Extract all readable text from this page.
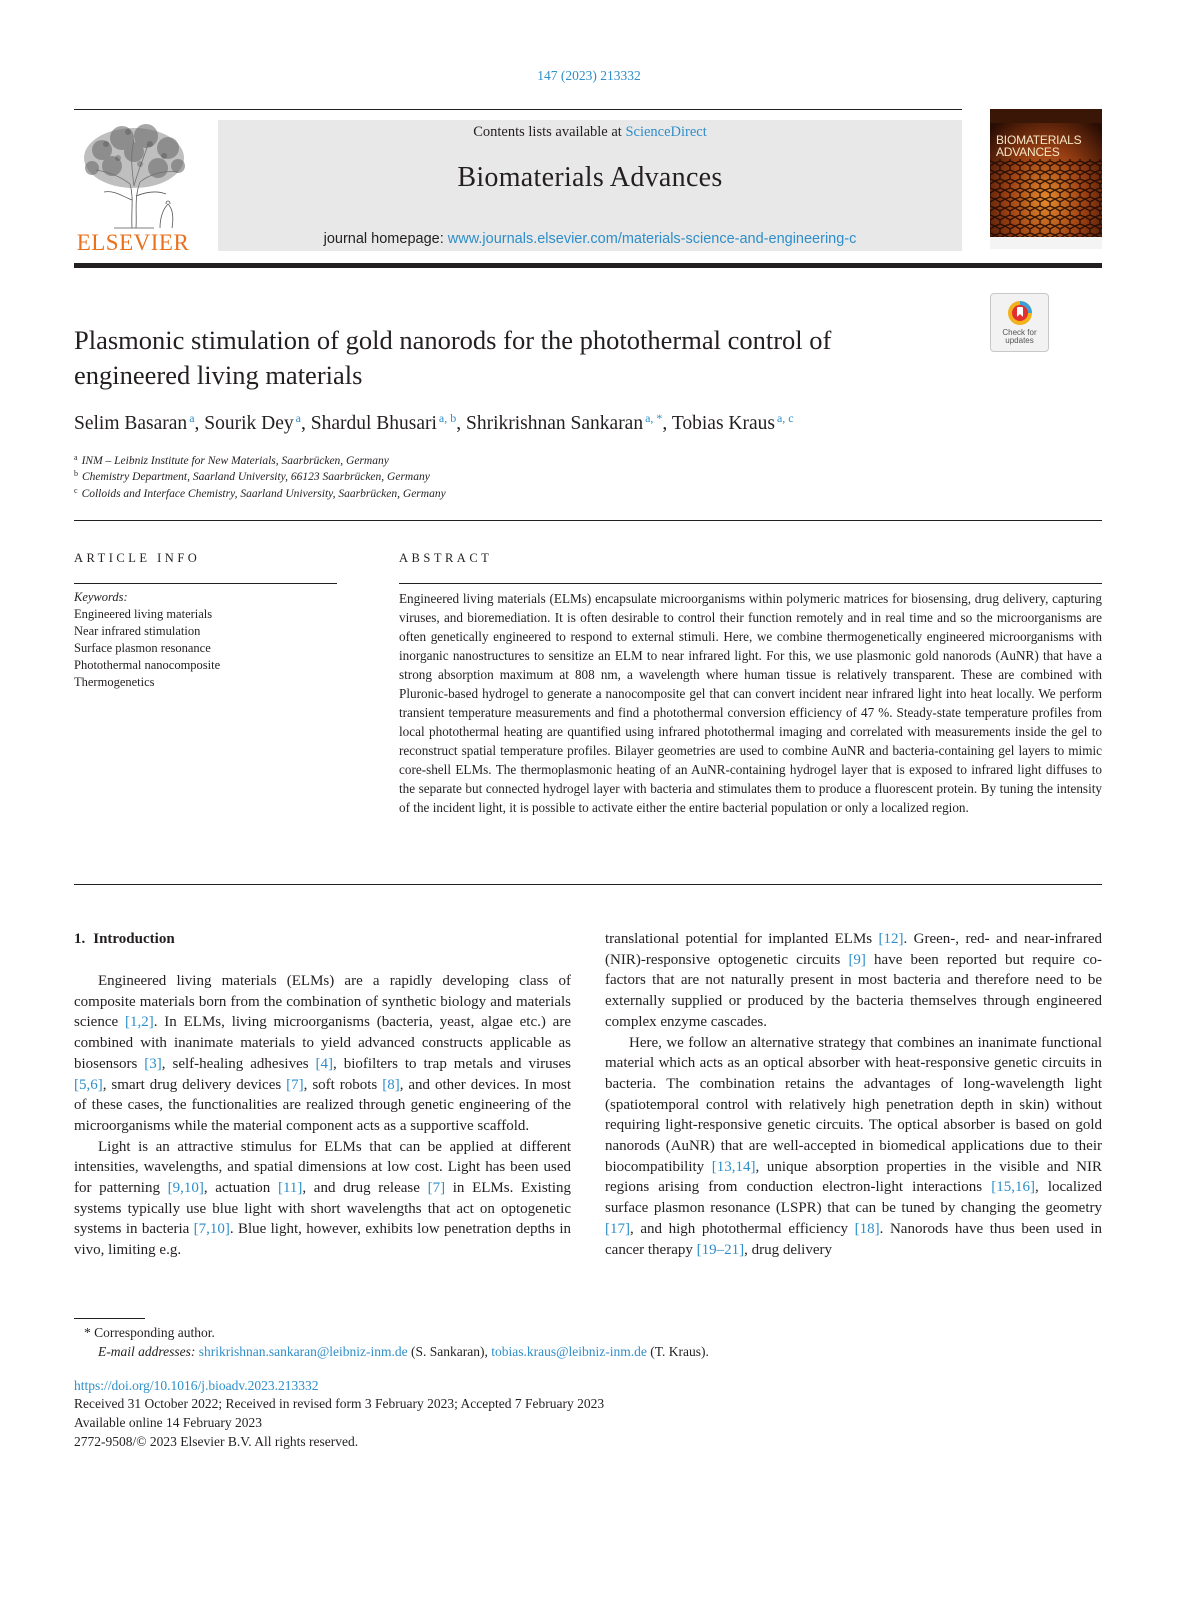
147 (2023) 213332
ELSEVIER
Contents lists available at ScienceDirect
Biomaterials Advances
journal homepage: www.journals.elsevier.com/materials-science-and-engineering-c
BIOMATERIALS ADVANCES
Plasmonic stimulation of gold nanorods for the photothermal control of engineered living materials
Check for updates
Selim Basaran $^a$, Sourik Dey $^a$, Shardul Bhusari $^{a, b}$, Shrikrishnan Sankaran $^{a, *}$, Tobias Kraus $^{a, c}$
$^a$ INM – Leibniz Institute for New Materials, Saarbrücken, Germany
$^b$ Chemistry Department, Saarland University, 66123 Saarbrücken, Germany
$^c$ Colloids and Interface Chemistry, Saarland University, Saarbrücken, Germany
ARTICLE INFO	ABSTRACT
Keywords:
Engineered living materials
Near infrared stimulation
Surface plasmon resonance
Photothermal nanocomposite
Thermogenetics
Engineered living materials (ELMs) encapsulate microorganisms within polymeric matrices for biosensing, drug delivery, capturing viruses, and bioremediation. It is often desirable to control their function remotely and in real time and so the microorganisms are often genetically engineered to respond to external stimuli. Here, we combine thermogenetically engineered microorganisms with inorganic nanostructures to sensitize an ELM to near infrared light. For this, we use plasmonic gold nanorods (AuNR) that have a strong absorption maximum at 808 nm, a wavelength where human tissue is relatively transparent. These are combined with Pluronic-based hydrogel to generate a nanocomposite gel that can convert incident near infrared light into heat locally. We perform transient temperature measurements and find a photothermal conversion efficiency of 47 %. Steady-state temperature profiles from local photothermal heating are quantified using infrared photothermal imaging and correlated with measurements inside the gel to reconstruct spatial temperature profiles. Bilayer geometries are used to combine AuNR and bacteria-containing gel layers to mimic core-shell ELMs. The thermoplasmonic heating of an AuNR-containing hydrogel layer that is exposed to infrared light diffuses to the separate but connected hydrogel layer with bacteria and stimulates them to produce a fluorescent protein. By tuning the intensity of the incident light, it is possible to activate either the entire bacterial population or only a localized region.
1. Introduction

Engineered living materials (ELMs) are a rapidly developing class of composite materials born from the combination of synthetic biology and materials science [1,2]. In ELMs, living microorganisms (bacteria, yeast, algae etc.) are combined with inanimate materials to yield advanced constructs applicable as biosensors [3], self-healing adhesives [4], biofilters to trap metals and viruses [5,6], smart drug delivery devices [7], soft robots [8], and other devices. In most of these cases, the functionalities are realized through genetic engineering of the microorganisms while the material component acts as a supportive scaffold.

Light is an attractive stimulus for ELMs that can be applied at different intensities, wavelengths, and spatial dimensions at low cost. Light has been used for patterning [9,10], actuation [11], and drug release [7] in ELMs. Existing systems typically use blue light with short wavelengths that act on optogenetic systems in bacteria [7,10]. Blue light, however, exhibits low penetration depths in vivo, limiting e.g.

translational potential for implanted ELMs [12]. Green-, red- and near-infrared (NIR)-responsive optogenetic circuits [9] have been reported but require co-factors that are not naturally present in most bacteria and therefore need to be externally supplied or produced by the bacteria themselves through engineered complex enzyme cascades.

Here, we follow an alternative strategy that combines an inanimate functional material which acts as an optical absorber with heat-responsive genetic circuits in bacteria. The combination retains the advantages of long-wavelength light (spatiotemporal control with relatively high penetration depth in skin) without requiring light-responsive genetic circuits. The optical absorber is based on gold nanorods (AuNR) that are well-accepted in biomedical applications due to their biocompatibility [13,14], unique absorption properties in the visible and NIR regions arising from conduction electron-light interactions [15,16], localized surface plasmon resonance (LSPR) that can be tuned by changing the geometry [17], and high photothermal efficiency [18]. Nanorods have thus been used in cancer therapy [19–21], drug delivery

* Corresponding author.
E-mail addresses: shrikrishnan.sankaran@leibniz-inm.de (S. Sankaran), tobias.kraus@leibniz-inm.de (T. Kraus).
https://doi.org/10.1016/j.bioadv.2023.213332
Received 31 October 2022; Received in revised form 3 February 2023; Accepted 7 February 2023
Available online 14 February 2023
2772-9508/© 2023 Elsevier B.V. All rights reserved.
